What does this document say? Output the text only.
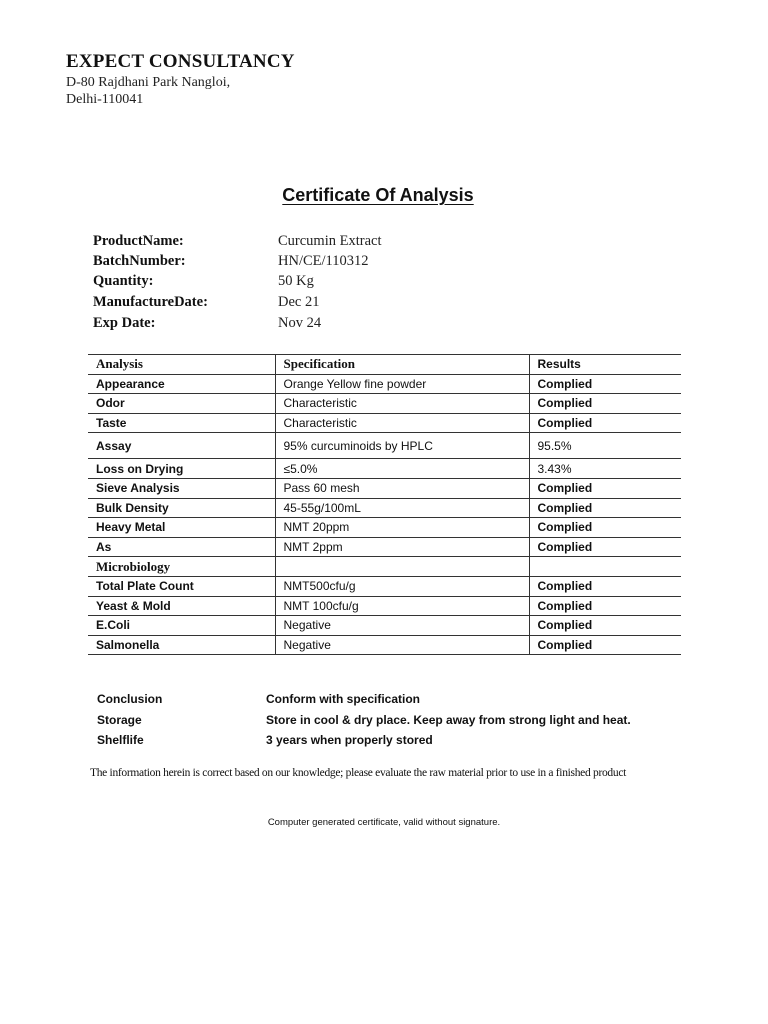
EXPECT CONSULTANCY
D-80 Rajdhani Park Nangloi,
Delhi-110041
Certificate Of Analysis
ProductName:	Curcumin Extract
BatchNumber:	HN/CE/110312
Quantity:	50 Kg
ManufactureDate:	Dec 21
Exp Date:	Nov 24
Analysis	Specification	Results
Appearance	Orange Yellow fine powder	Complied
Odor	Characteristic	Complied
Taste	Characteristic	Complied
Assay	95% curcuminoids by HPLC	95.5%
Loss on Drying	≤5.0%	3.43%
Sieve Analysis	Pass 60 mesh	Complied
Bulk Density	45-55g/100mL	Complied
Heavy Metal	NMT 20ppm	Complied
As	NMT 2ppm	Complied
Microbiology		
Total Plate Count	NMT500cfu/g	Complied
Yeast & Mold	NMT 100cfu/g	Complied
E.Coli	Negative	Complied
Salmonella	Negative	Complied
Conclusion	Conform with specification
Storage	Store in cool & dry place. Keep away from strong light and heat.
Shelflife	3 years when properly stored
The information herein is correct based on our knowledge; please evaluate the raw material prior to use in a finished product
Computer generated certificate, valid without signature.
